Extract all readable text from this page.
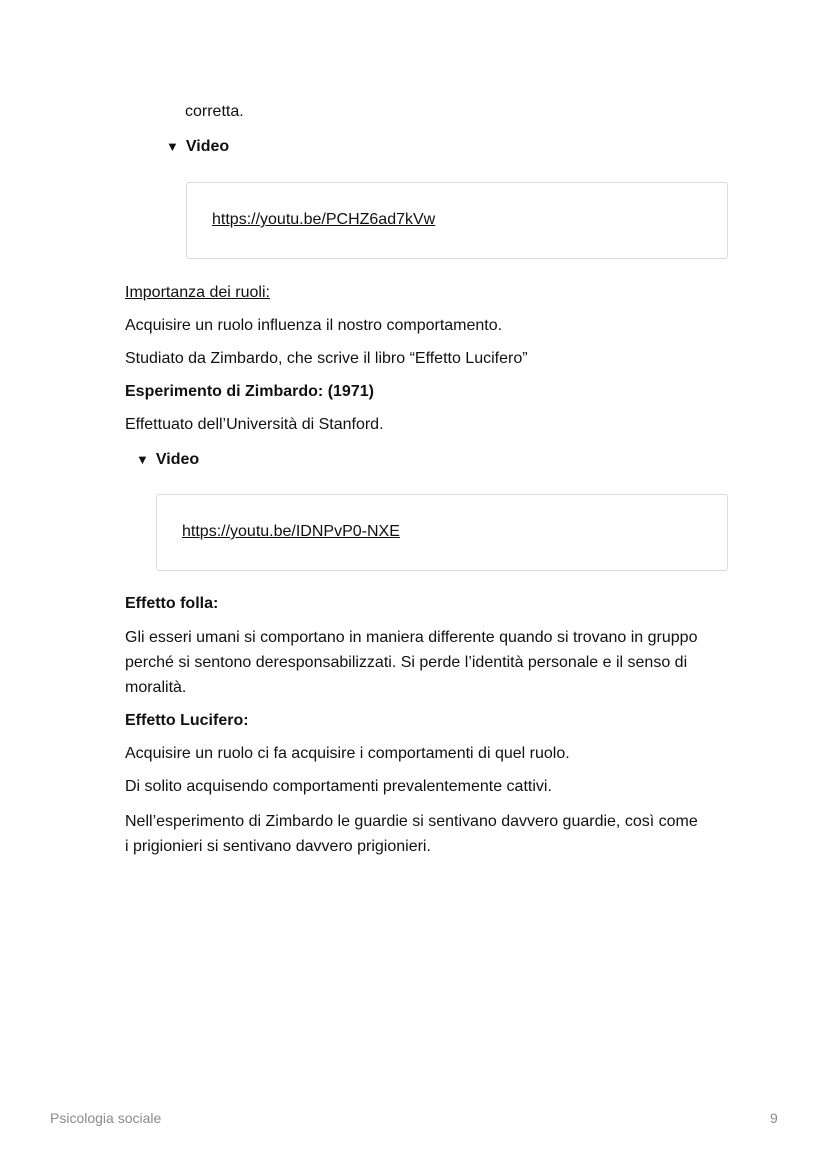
corretta.
▼ Video
https://youtu.be/PCHZ6ad7kVw
Importanza dei ruoli:
Acquisire un ruolo influenza il nostro comportamento.
Studiato da Zimbardo, che scrive il libro “Effetto Lucifero”
Esperimento di Zimbardo: (1971)
Effettuato dell’Università di Stanford.
▼ Video
https://youtu.be/IDNPvP0-NXE
Effetto folla:
Gli esseri umani si comportano in maniera differente quando si trovano in gruppo
perché si sentono deresponsabilizzati. Si perde l’identità personale e il senso di
moralità.
Effetto Lucifero:
Acquisire un ruolo ci fa acquisire i comportamenti di quel ruolo.
Di solito acquisendo comportamenti prevalentemente cattivi.
Nell’esperimento di Zimbardo le guardie si sentivano davvero guardie, così come
i prigionieri si sentivano davvero prigionieri.
Psicologia sociale	9
